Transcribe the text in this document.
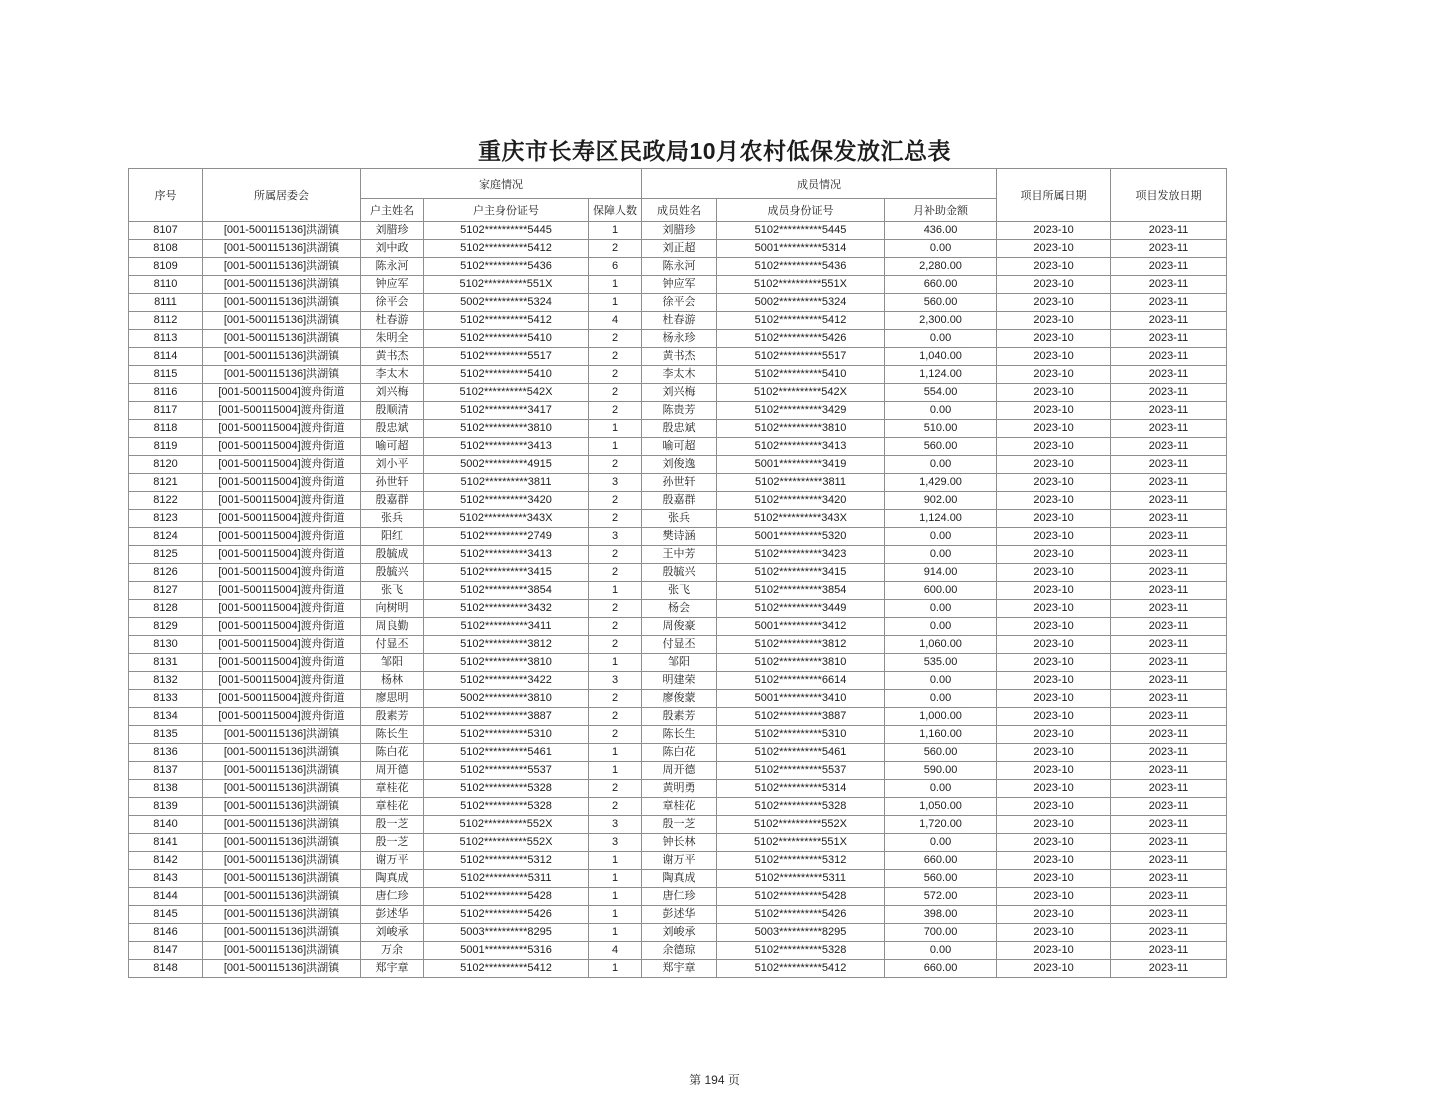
重庆市长寿区民政局10月农村低保发放汇总表
序号	所属居委会	家庭情况			成员情况			项目所属日期	项目发放日期
		户主姓名	户主身份证号	保障人数	成员姓名	成员身份证号	月补助金额		
8107	[001-500115136]洪湖镇	刘腊珍	5102**********5445	1	刘腊珍	5102**********5445	436.00	2023-10	2023-11
8108	[001-500115136]洪湖镇	刘中政	5102**********5412	2	刘正超	5001**********5314	0.00	2023-10	2023-11
8109	[001-500115136]洪湖镇	陈永河	5102**********5436	6	陈永河	5102**********5436	2,280.00	2023-10	2023-11
8110	[001-500115136]洪湖镇	钟应军	5102**********551X	1	钟应军	5102**********551X	660.00	2023-10	2023-11
8111	[001-500115136]洪湖镇	徐平会	5002**********5324	1	徐平会	5002**********5324	560.00	2023-10	2023-11
8112	[001-500115136]洪湖镇	杜春游	5102**********5412	4	杜春游	5102**********5412	2,300.00	2023-10	2023-11
8113	[001-500115136]洪湖镇	朱明全	5102**********5410	2	杨永珍	5102**********5426	0.00	2023-10	2023-11
8114	[001-500115136]洪湖镇	黄书杰	5102**********5517	2	黄书杰	5102**********5517	1,040.00	2023-10	2023-11
8115	[001-500115136]洪湖镇	李太木	5102**********5410	2	李太木	5102**********5410	1,124.00	2023-10	2023-11
8116	[001-500115004]渡舟街道	刘兴梅	5102**********542X	2	刘兴梅	5102**********542X	554.00	2023-10	2023-11
8117	[001-500115004]渡舟街道	殷顺清	5102**********3417	2	陈贵芳	5102**********3429	0.00	2023-10	2023-11
8118	[001-500115004]渡舟街道	殷忠斌	5102**********3810	1	殷忠斌	5102**********3810	510.00	2023-10	2023-11
8119	[001-500115004]渡舟街道	喻可超	5102**********3413	1	喻可超	5102**********3413	560.00	2023-10	2023-11
8120	[001-500115004]渡舟街道	刘小平	5002**********4915	2	刘俊逸	5001**********3419	0.00	2023-10	2023-11
8121	[001-500115004]渡舟街道	孙世轩	5102**********3811	3	孙世轩	5102**********3811	1,429.00	2023-10	2023-11
8122	[001-500115004]渡舟街道	殷嘉群	5102**********3420	2	殷嘉群	5102**********3420	902.00	2023-10	2023-11
8123	[001-500115004]渡舟街道	张兵	5102**********343X	2	张兵	5102**********343X	1,124.00	2023-10	2023-11
8124	[001-500115004]渡舟街道	阳红	5102**********2749	3	樊诗涵	5001**********5320	0.00	2023-10	2023-11
8125	[001-500115004]渡舟街道	殷毓成	5102**********3413	2	王中芳	5102**********3423	0.00	2023-10	2023-11
8126	[001-500115004]渡舟街道	殷毓兴	5102**********3415	2	殷毓兴	5102**********3415	914.00	2023-10	2023-11
8127	[001-500115004]渡舟街道	张飞	5102**********3854	1	张飞	5102**********3854	600.00	2023-10	2023-11
8128	[001-500115004]渡舟街道	向树明	5102**********3432	2	杨会	5102**********3449	0.00	2023-10	2023-11
8129	[001-500115004]渡舟街道	周良勤	5102**********3411	2	周俊豪	5001**********3412	0.00	2023-10	2023-11
8130	[001-500115004]渡舟街道	付显丕	5102**********3812	2	付显丕	5102**********3812	1,060.00	2023-10	2023-11
8131	[001-500115004]渡舟街道	邹阳	5102**********3810	1	邹阳	5102**********3810	535.00	2023-10	2023-11
8132	[001-500115004]渡舟街道	杨林	5102**********3422	3	明建荣	5102**********6614	0.00	2023-10	2023-11
8133	[001-500115004]渡舟街道	廖思明	5002**********3810	2	廖俊蒙	5001**********3410	0.00	2023-10	2023-11
8134	[001-500115004]渡舟街道	殷素芳	5102**********3887	2	殷素芳	5102**********3887	1,000.00	2023-10	2023-11
8135	[001-500115136]洪湖镇	陈长生	5102**********5310	2	陈长生	5102**********5310	1,160.00	2023-10	2023-11
8136	[001-500115136]洪湖镇	陈白花	5102**********5461	1	陈白花	5102**********5461	560.00	2023-10	2023-11
8137	[001-500115136]洪湖镇	周开德	5102**********5537	1	周开德	5102**********5537	590.00	2023-10	2023-11
8138	[001-500115136]洪湖镇	章桂花	5102**********5328	2	黄明勇	5102**********5314	0.00	2023-10	2023-11
8139	[001-500115136]洪湖镇	章桂花	5102**********5328	2	章桂花	5102**********5328	1,050.00	2023-10	2023-11
8140	[001-500115136]洪湖镇	殷一芝	5102**********552X	3	殷一芝	5102**********552X	1,720.00	2023-10	2023-11
8141	[001-500115136]洪湖镇	殷一芝	5102**********552X	3	钟长林	5102**********551X	0.00	2023-10	2023-11
8142	[001-500115136]洪湖镇	谢万平	5102**********5312	1	谢万平	5102**********5312	660.00	2023-10	2023-11
8143	[001-500115136]洪湖镇	陶真成	5102**********5311	1	陶真成	5102**********5311	560.00	2023-10	2023-11
8144	[001-500115136]洪湖镇	唐仁珍	5102**********5428	1	唐仁珍	5102**********5428	572.00	2023-10	2023-11
8145	[001-500115136]洪湖镇	彭述华	5102**********5426	1	彭述华	5102**********5426	398.00	2023-10	2023-11
8146	[001-500115136]洪湖镇	刘峻承	5003**********8295	1	刘峻承	5003**********8295	700.00	2023-10	2023-11
8147	[001-500115136]洪湖镇	万余	5001**********5316	4	余德琼	5102**********5328	0.00	2023-10	2023-11
8148	[001-500115136]洪湖镇	郑宇章	5102**********5412	1	郑宇章	5102**********5412	660.00	2023-10	2023-11
第 194 页
